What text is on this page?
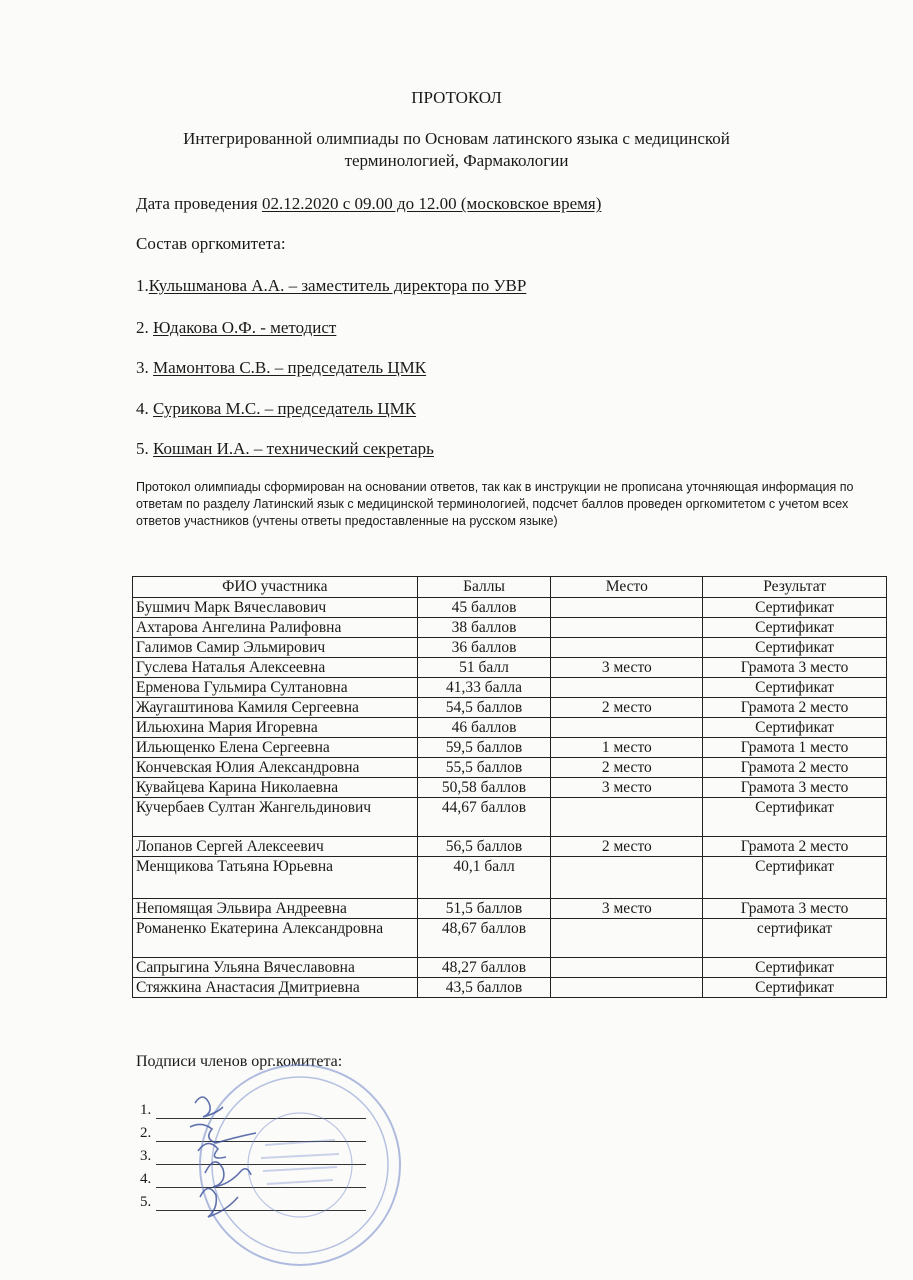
ПРОТОКОЛ
Интегрированной олимпиады по Основам латинского языка с медицинской
терминологией, Фармакологии
Дата проведения 02.12.2020 с 09.00 до 12.00 (московское время)
Состав оргкомитета:
1.Кульшманова А.А. – заместитель директора по УВР
2. Юдакова О.Ф. - методист
3. Мамонтова С.В. – председатель ЦМК
4. Сурикова М.С. – председатель ЦМК
5. Кошман И.А. – технический секретарь
Протокол олимпиады сформирован на основании ответов, так как в инструкции не прописана уточняющая информация по ответам по разделу Латинский язык с медицинской терминологией, подсчет баллов проведен оргкомитетом с учетом всех ответов участников (учтены ответы предоставленные на русском языке)
ФИО участника	Баллы	Место	Результат
Бушмич Марк Вячеславович	45 баллов		Сертификат
Ахтарова Ангелина Ралифовна	38 баллов		Сертификат
Галимов Самир Эльмирович	36 баллов		Сертификат
Гуслева Наталья Алексеевна	51 балл	3 место	Грамота 3 место
Ерменова Гульмира Султановна	41,33 балла		Сертификат
Жаугаштинова Камиля Сергеевна	54,5 баллов	2 место	Грамота 2 место
Ильюхина Мария Игоревна	46 баллов		Сертификат
Ильющенко Елена Сергеевна	59,5 баллов	1 место	Грамота 1 место
Кончевская Юлия Александровна	55,5 баллов	2 место	Грамота 2 место
Кувайцева Карина Николаевна	50,58 баллов	3 место	Грамота 3 место
Кучербаев Султан Жангельдинович	44,67 баллов		Сертификат
Лопанов Сергей Алексеевич	56,5 баллов	2 место	Грамота 2 место
Менщикова Татьяна Юрьевна	40,1 балл		Сертификат
Непомящая Эльвира Андреевна	51,5 баллов	3 место	Грамота 3 место
Романенко Екатерина Александровна	48,67 баллов		сертификат
Сапрыгина Ульяна Вячеславовна	48,27 баллов		Сертификат
Стяжкина Анастасия Дмитриевна	43,5 баллов		Сертификат
Подписи членов орг.комитета:
1.
2.
3.
4.
5.
